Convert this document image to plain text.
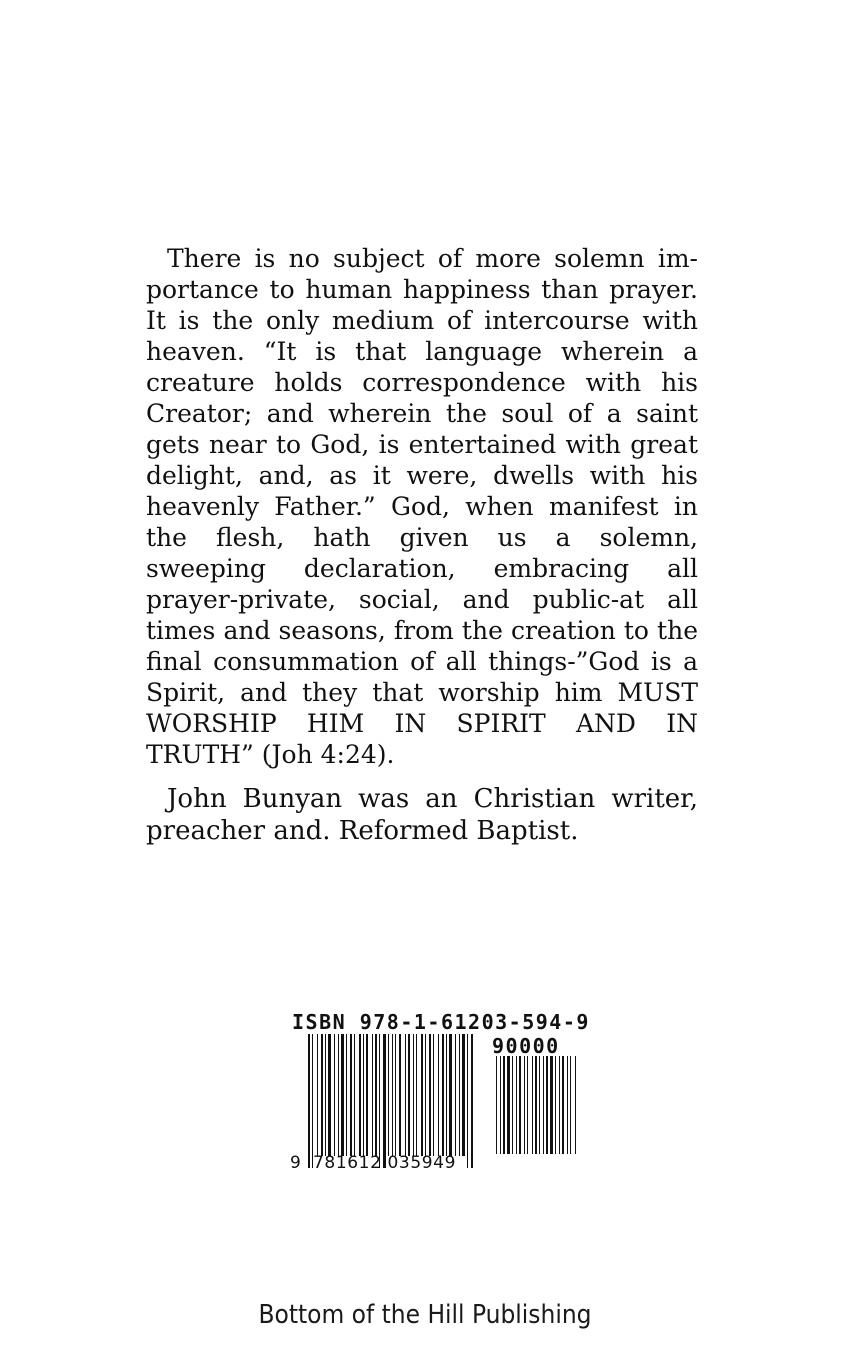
There is no subject of more solemn importance to human happiness than prayer. It is the only medium of intercourse with heaven. “It is that language wherein a creature holds correspondence with his Creator; and wherein the soul of a saint gets near to God, is entertained with great delight, and, as it were, dwells with his heavenly Father.” God, when manifest in the flesh, hath given us a solemn, sweeping declaration, embracing all prayer-private, social, and public-at all times and seasons, from the creation to the final consummation of all things-”God is a Spirit, and they that worship him MUST WORSHIP HIM IN SPIRIT AND IN TRUTH” (Joh 4:24).

John Bunyan was an Christian writer, preacher and. Reformed Baptist.

ISBN 978-1-61203-594-9
90000
9 781612 035949
Bottom of the Hill Publishing
